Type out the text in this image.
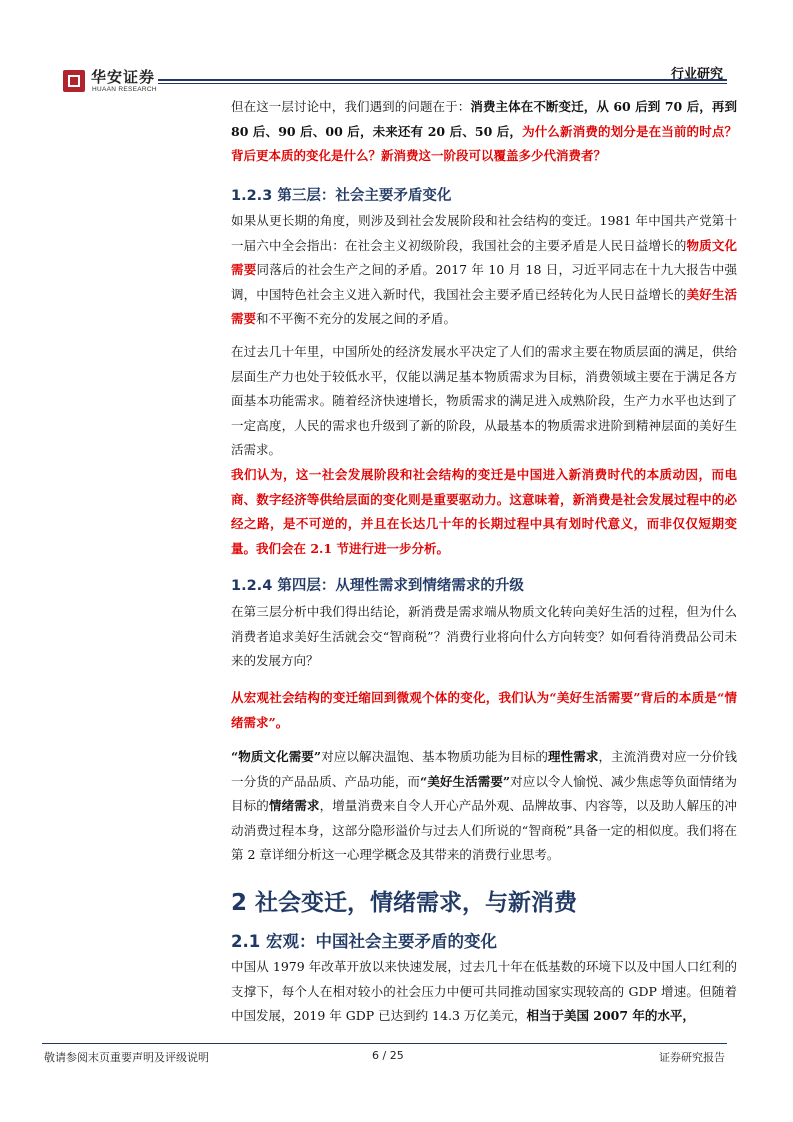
华安证券
HUAAN RESEARCH
行业研究

但在这一层讨论中，我们遇到的问题在于：消费主体在不断变迁，从 60 后到 70 后，再到 80 后、90 后、00 后，未来还有 20 后、50 后，为什么新消费的划分是在当前的时点？背后更本质的变化是什么？新消费这一阶段可以覆盖多少代消费者？

1.2.3 第三层：社会主要矛盾变化

如果从更长期的角度，则涉及到社会发展阶段和社会结构的变迁。1981 年中国共产党第十一届六中全会指出：在社会主义初级阶段，我国社会的主要矛盾是人民日益增长的物质文化需要同落后的社会生产之间的矛盾。2017 年 10 月 18 日，习近平同志在十九大报告中强调，中国特色社会主义进入新时代，我国社会主要矛盾已经转化为人民日益增长的美好生活需要和不平衡不充分的发展之间的矛盾。

在过去几十年里，中国所处的经济发展水平决定了人们的需求主要在物质层面的满足，供给层面生产力也处于较低水平，仅能以满足基本物质需求为目标，消费领域主要在于满足各方面基本功能需求。随着经济快速增长，物质需求的满足进入成熟阶段，生产力水平也达到了一定高度，人民的需求也升级到了新的阶段，从最基本的物质需求进阶到精神层面的美好生活需求。

我们认为，这一社会发展阶段和社会结构的变迁是中国进入新消费时代的本质动因，而电商、数字经济等供给层面的变化则是重要驱动力。这意味着，新消费是社会发展过程中的必经之路，是不可逆的，并且在长达几十年的长期过程中具有划时代意义，而非仅仅短期变量。我们会在 2.1 节进行进一步分析。

1.2.4 第四层：从理性需求到情绪需求的升级

在第三层分析中我们得出结论，新消费是需求端从物质文化转向美好生活的过程，但为什么消费者追求美好生活就会交“智商税”？消费行业将向什么方向转变？如何看待消费品公司未来的发展方向？

从宏观社会结构的变迁缩回到微观个体的变化，我们认为“美好生活需要”背后的本质是“情绪需求”。

“物质文化需要”对应以解决温饱、基本物质功能为目标的理性需求，主流消费对应一分价钱一分货的产品品质、产品功能，而“美好生活需要”对应以令人愉悦、减少焦虑等负面情绪为目标的情绪需求，增量消费来自令人开心产品外观、品牌故事、内容等，以及助人解压的冲动消费过程本身，这部分隐形溢价与过去人们所说的“智商税”具备一定的相似度。我们将在第 2 章详细分析这一心理学概念及其带来的消费行业思考。

2 社会变迁，情绪需求，与新消费
2.1 宏观：中国社会主要矛盾的变化

中国从 1979 年改革开放以来快速发展，过去几十年在低基数的环境下以及中国人口红利的支撑下，每个人在相对较小的社会压力中便可共同推动国家实现较高的 GDP 增速。但随着中国发展，2019 年 GDP 已达到约 14.3 万亿美元，相当于美国 2007 年的水平，

敬请参阅末页重要声明及评级说明	6 / 25	证券研究报告
